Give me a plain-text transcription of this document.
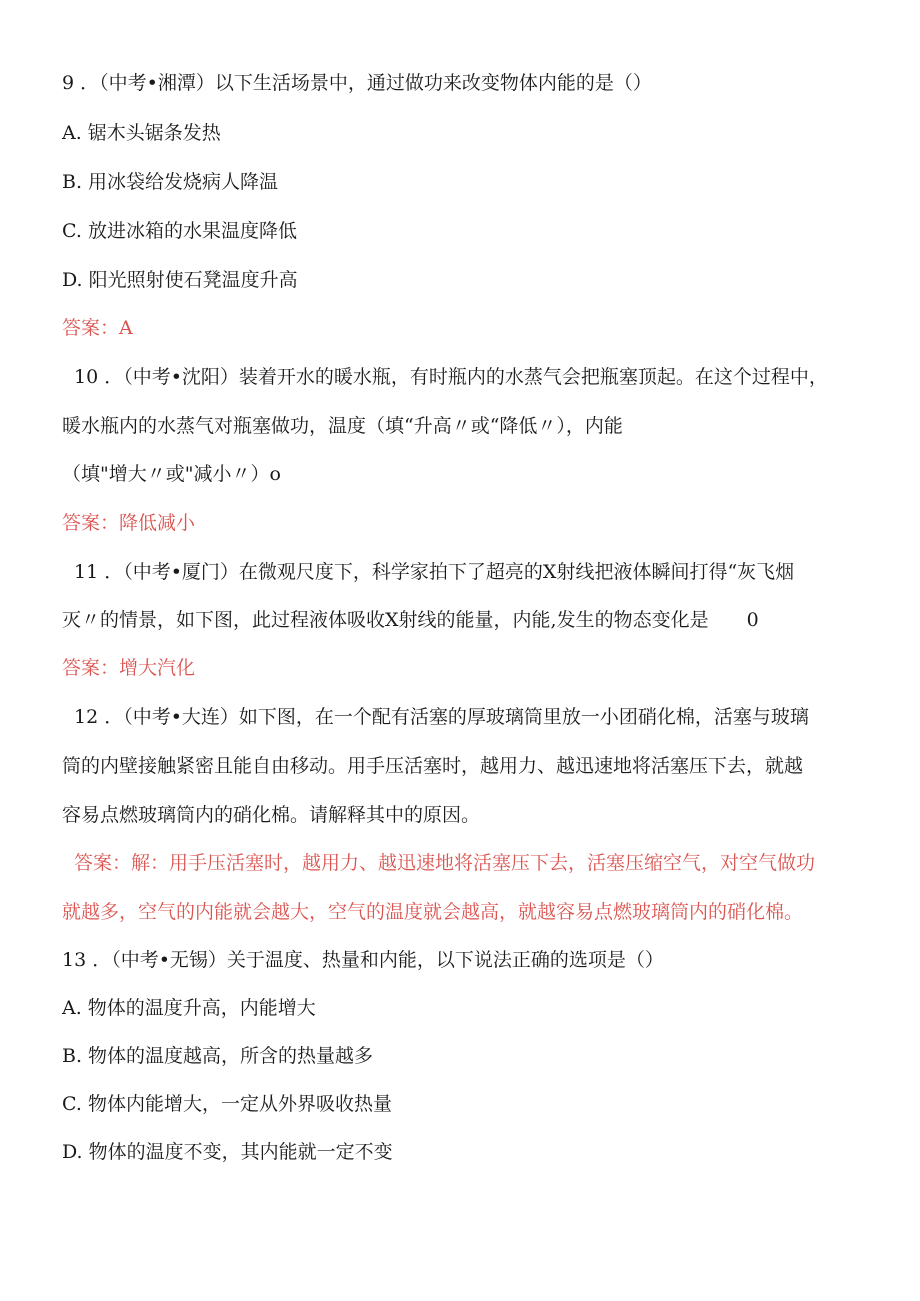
9 ．（中考•湘潭）以下生活场景中，通过做功来改变物体内能的是（）
A. 锯木头锯条发热
B. 用冰袋给发烧病人降温
C. 放进冰箱的水果温度降低
D. 阳光照射使石凳温度升高
答案：A
10 ．（中考•沈阳）装着开水的暖水瓶，有时瓶内的水蒸气会把瓶塞顶起。在这个过程中，
暖水瓶内的水蒸气对瓶塞做功，温度（填“升高〃或“降低〃），内能
（填"增大〃或"减小〃）o
答案：降低减小
11 ．（中考•厦门）在微观尺度下，科学家拍下了超亮的X射线把液体瞬间打得“灰飞烟
灭〃的情景，如下图，此过程液体吸收X射线的能量，内能,发生的物态变化是　　0
答案：增大汽化
12 ．（中考•大连）如下图，在一个配有活塞的厚玻璃筒里放一小团硝化棉，活塞与玻璃
筒的内壁接触紧密且能自由移动。用手压活塞时，越用力、越迅速地将活塞压下去，就越
容易点燃玻璃筒内的硝化棉。请解释其中的原因。
答案：解：用手压活塞时，越用力、越迅速地将活塞压下去，活塞压缩空气，对空气做功
就越多，空气的内能就会越大，空气的温度就会越高，就越容易点燃玻璃筒内的硝化棉。
13 ．（中考•无锡）关于温度、热量和内能，以下说法正确的选项是（）
A. 物体的温度升高，内能增大
B. 物体的温度越高，所含的热量越多
C. 物体内能增大，一定从外界吸收热量
D. 物体的温度不变，其内能就一定不变
